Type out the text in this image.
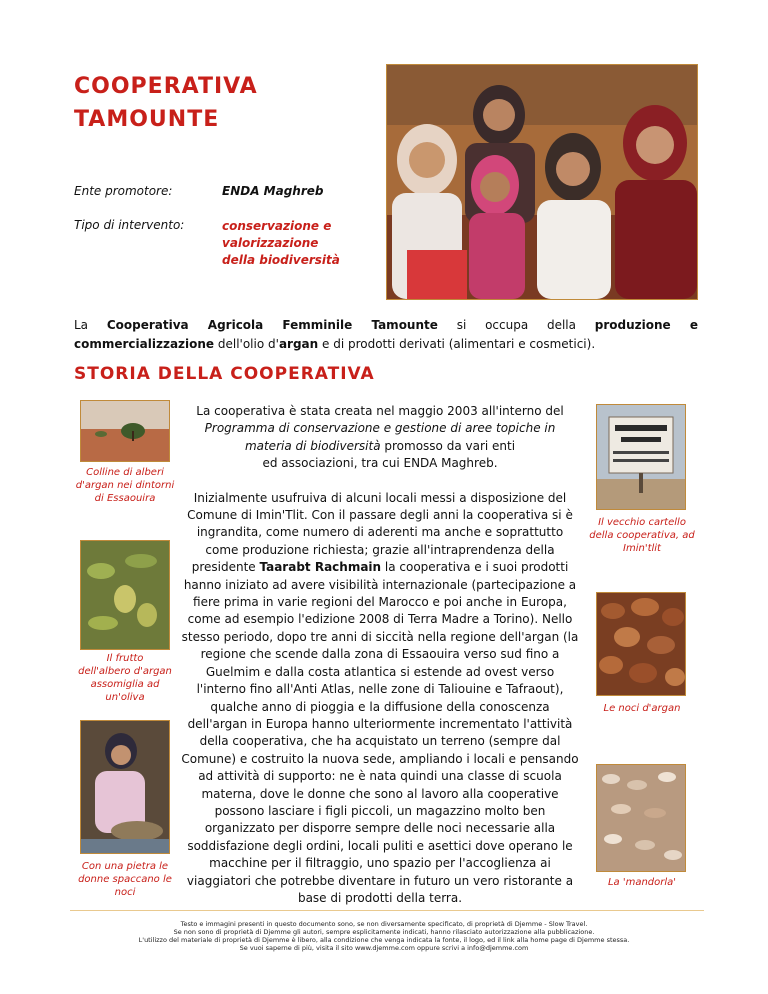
COOPERATIVA
TAMOUNTE
Ente promotore:	ENDA Maghreb
Tipo di intervento:	conservazione e
valorizzazione
della biodiversità
La Cooperativa Agricola Femminile Tamounte si occupa della produzione e commercializzazione dell'olio d'argan e di prodotti derivati (alimentari e cosmetici).
STORIA DELLA COOPERATIVA
Colline di alberi
d'argan nei dintorni
di Essaouira
Il frutto
dell'albero d'argan
assomiglia ad
un'oliva
Con una pietra le
donne spaccano le
noci

La cooperativa è stata creata nel maggio 2003 all'interno del
Programma di conservazione e gestione di aree topiche in
materia di biodiversità promosso da vari enti
ed associazioni, tra cui ENDA Maghreb.

Inizialmente usufruiva di alcuni locali messi a disposizione del Comune di Imin'Tlit. Con il passare degli anni la cooperativa si è ingrandita, come numero di aderenti ma anche e soprattutto come produzione richiesta; grazie all'intraprendenza della presidente Taarabt Rachmain la cooperativa e i suoi prodotti hanno iniziato ad avere visibilità internazionale (partecipazione a fiere prima in varie regioni del Marocco e poi anche in Europa, come ad esempio l'edizione 2008 di Terra Madre a Torino). Nello stesso periodo, dopo tre anni di siccità nella regione dell'argan (la regione che scende dalla zona di Essaouira verso sud fino a Guelmim e dalla costa atlantica si estende ad ovest verso l'interno fino all'Anti Atlas, nelle zone di Taliouine e Tafraout), qualche anno di pioggia e la diffusione della conoscenza dell'argan in Europa hanno ulteriormente incrementato l'attività della cooperativa, che ha acquistato un terreno (sempre dal Comune) e costruito la nuova sede, ampliando i locali e pensando ad attività di supporto: ne è nata quindi una classe di scuola materna, dove le donne che sono al lavoro alla cooperative possono lasciare i figli piccoli, un magazzino molto ben organizzato per disporre sempre delle noci necessarie alla soddisfazione degli ordini, locali puliti e asettici dove operano le macchine per il filtraggio, uno spazio per l'accoglienza ai viaggiatori che potrebbe diventare in futuro un vero ristorante a base di prodotti della terra.

Il vecchio cartello
della cooperativa, ad
Imin'tlit
Le noci d'argan
La 'mandorla'
Testo e immagini presenti in questo documento sono, se non diversamente specificato, di proprietà di Djemme - Slow Travel.
Se non sono di proprietà di Djemme gli autori, sempre esplicitamente indicati, hanno rilasciato autorizzazione alla pubblicazione.
L'utilizzo del materiale di proprietà di Djemme è libero, alla condizione che venga indicata la fonte, il logo, ed il link alla home page di Djemme stessa.
Se vuoi saperne di più, visita il sito www.djemme.com oppure scrivi a info@djemme.com
